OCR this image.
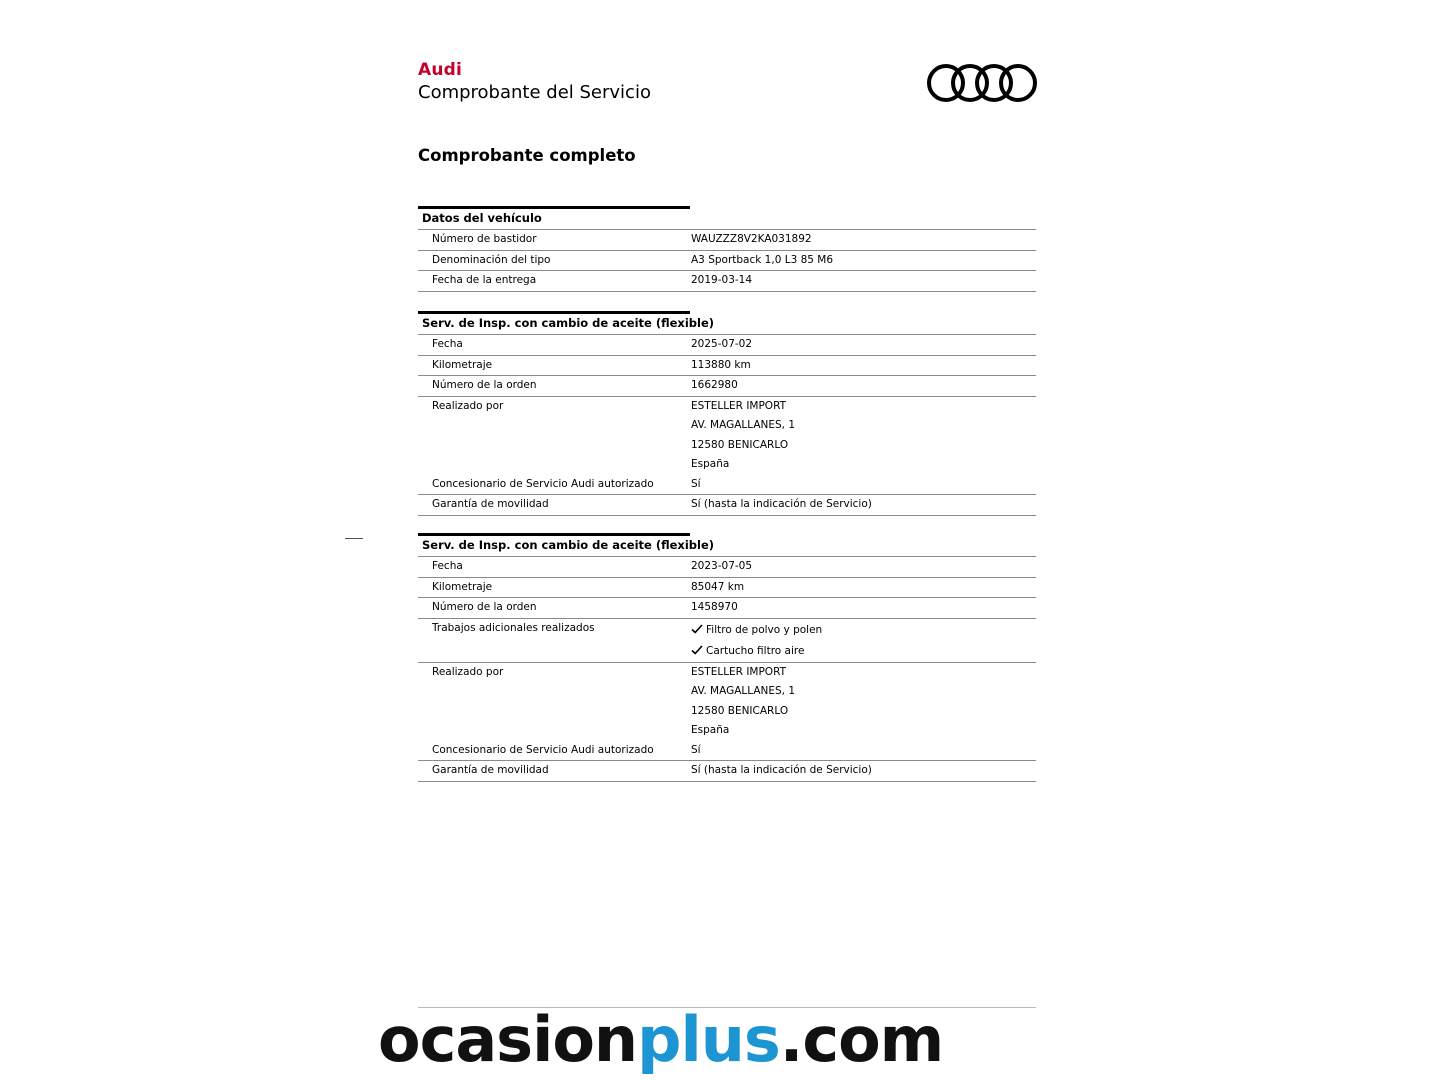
Audi
Comprobante del Servicio
Comprobante completo
Datos del vehículo
Número de bastidor	WAUZZZ8V2KA031892
Denominación del tipo	A3 Sportback 1,0 L3 85 M6
Fecha de la entrega	2019-03-14
Serv. de Insp. con cambio de aceite (flexible)
Fecha	2025-07-02
Kilometraje	113880 km
Número de la orden	1662980
Realizado por	ESTELLER IMPORT
AV. MAGALLANES, 1
12580 BENICARLO
España
Concesionario de Servicio Audi autorizado	Sí
Garantía de movilidad	Sí (hasta la indicación de Servicio)
Serv. de Insp. con cambio de aceite (flexible)
Fecha	2023-07-05
Kilometraje	85047 km
Número de la orden	1458970
Trabajos adicionales realizados	Filtro de polvo y polen
Cartucho filtro aire
Realizado por	ESTELLER IMPORT
AV. MAGALLANES, 1
12580 BENICARLO
España
Concesionario de Servicio Audi autorizado	Sí
Garantía de movilidad	Sí (hasta la indicación de Servicio)
ocasionplus.com
